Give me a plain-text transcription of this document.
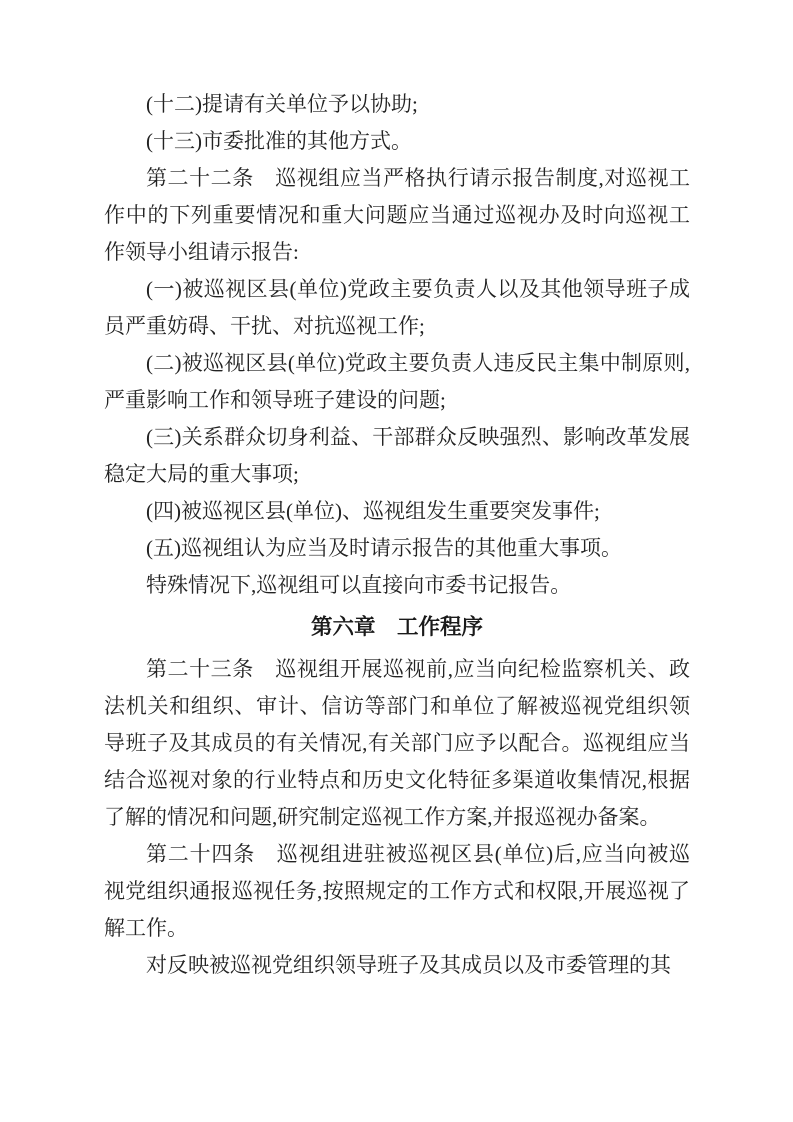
(十二)提请有关单位予以协助;

(十三)市委批准的其他方式。

第二十二条　巡视组应当严格执行请示报告制度,对巡视工作中的下列重要情况和重大问题应当通过巡视办及时向巡视工作领导小组请示报告:

(一)被巡视区县(单位)党政主要负责人以及其他领导班子成员严重妨碍、干扰、对抗巡视工作;

(二)被巡视区县(单位)党政主要负责人违反民主集中制原则,严重影响工作和领导班子建设的问题;

(三)关系群众切身利益、干部群众反映强烈、影响改革发展稳定大局的重大事项;

(四)被巡视区县(单位)、巡视组发生重要突发事件;

(五)巡视组认为应当及时请示报告的其他重大事项。

特殊情况下,巡视组可以直接向市委书记报告。

第六章　工作程序

第二十三条　巡视组开展巡视前,应当向纪检监察机关、政法机关和组织、审计、信访等部门和单位了解被巡视党组织领导班子及其成员的有关情况,有关部门应予以配合。巡视组应当结合巡视对象的行业特点和历史文化特征多渠道收集情况,根据了解的情况和问题,研究制定巡视工作方案,并报巡视办备案。

第二十四条　巡视组进驻被巡视区县(单位)后,应当向被巡视党组织通报巡视任务,按照规定的工作方式和权限,开展巡视了解工作。

对反映被巡视党组织领导班子及其成员以及市委管理的其
